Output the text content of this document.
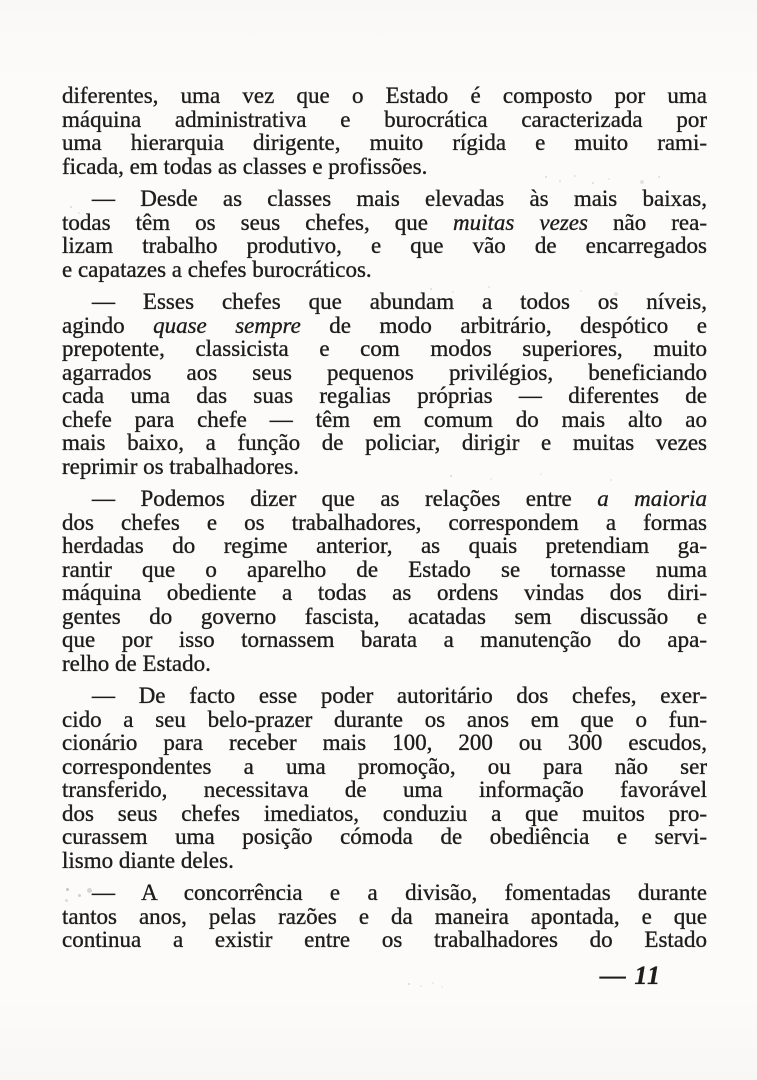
diferentes, uma vez que o Estado é composto por uma
máquina administrativa e burocrática caracterizada por
uma hierarquia dirigente, muito rígida e muito rami-
ficada, em todas as classes e profissões.
— Desde as classes mais elevadas às mais baixas,
todas têm os seus chefes, que muitas vezes não rea-
lizam trabalho produtivo, e que vão de encarregados
e capatazes a chefes burocráticos.
— Esses chefes que abundam a todos os níveis,
agindo quase sempre de modo arbitrário, despótico e
prepotente, classicista e com modos superiores, muito
agarrados aos seus pequenos privilégios, beneficiando
cada uma das suas regalias próprias — diferentes de
chefe para chefe — têm em comum do mais alto ao
mais baixo, a função de policiar, dirigir e muitas vezes
reprimir os trabalhadores.
— Podemos dizer que as relações entre a maioria
dos chefes e os trabalhadores, correspondem a formas
herdadas do regime anterior, as quais pretendiam ga-
rantir que o aparelho de Estado se tornasse numa
máquina obediente a todas as ordens vindas dos diri-
gentes do governo fascista, acatadas sem discussão e
que por isso tornassem barata a manutenção do apa-
relho de Estado.
— De facto esse poder autoritário dos chefes, exer-
cido a seu belo-prazer durante os anos em que o fun-
cionário para receber mais 100, 200 ou 300 escudos,
correspondentes a uma promoção, ou para não ser
transferido, necessitava de uma informação favorável
dos seus chefes imediatos, conduziu a que muitos pro-
curassem uma posição cómoda de obediência e servi-
lismo diante deles.
— A concorrência e a divisão, fomentadas durante
tantos anos, pelas razões e da maneira apontada, e que
continua a existir entre os trabalhadores do Estado
— 11
